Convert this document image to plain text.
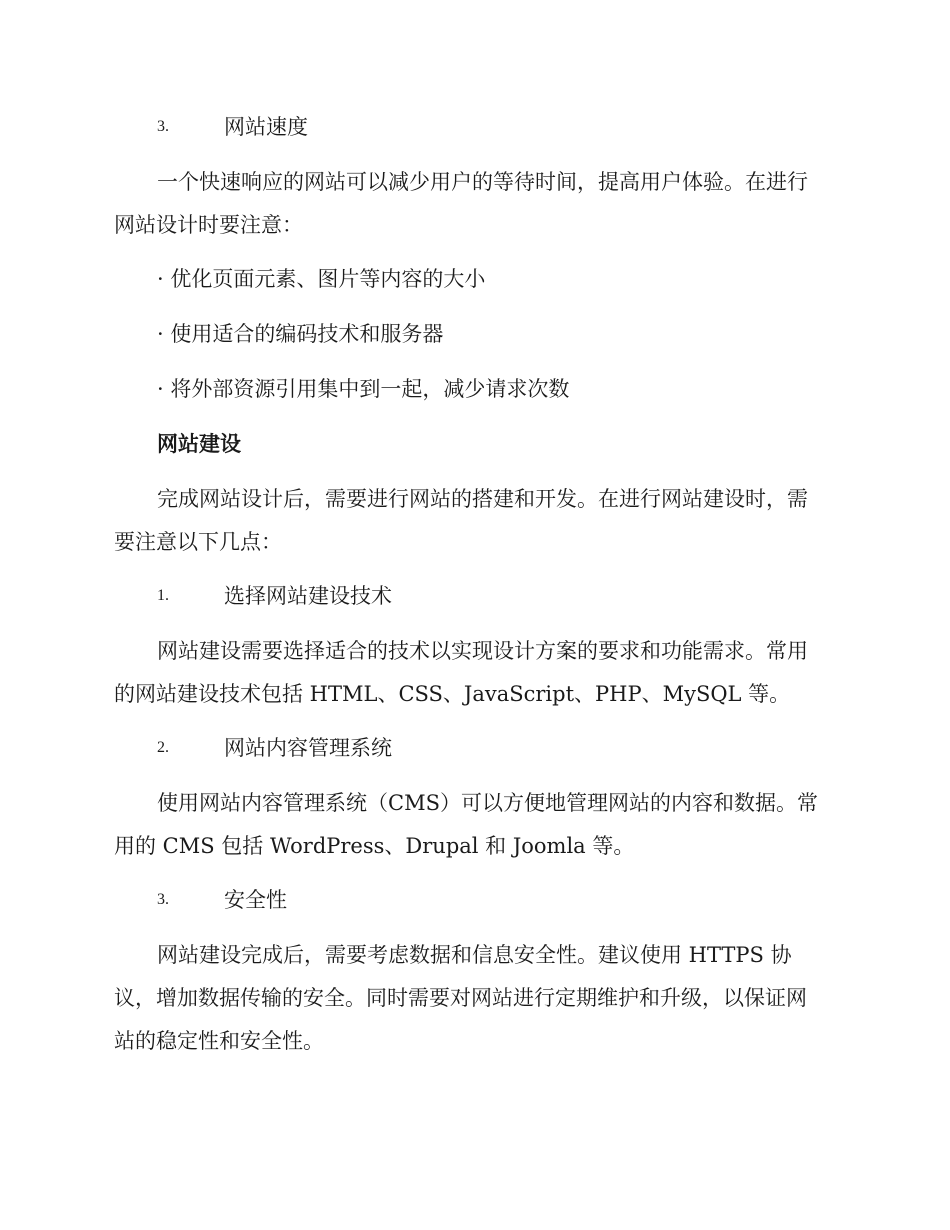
3.	网站速度
一个快速响应的网站可以减少用户的等待时间，提高用户体验。在进行
网站设计时要注意：
· 优化页面元素、图片等内容的大小
· 使用适合的编码技术和服务器
· 将外部资源引用集中到一起，减少请求次数
网站建设
完成网站设计后，需要进行网站的搭建和开发。在进行网站建设时，需
要注意以下几点：
1.	选择网站建设技术
网站建设需要选择适合的技术以实现设计方案的要求和功能需求。常用
的网站建设技术包括 HTML、CSS、JavaScript、PHP、MySQL 等。
2.	网站内容管理系统
使用网站内容管理系统（CMS）可以方便地管理网站的内容和数据。常
用的 CMS 包括 WordPress、Drupal 和 Joomla 等。
3.	安全性
网站建设完成后，需要考虑数据和信息安全性。建议使用 HTTPS 协
议，增加数据传输的安全。同时需要对网站进行定期维护和升级，以保证网
站的稳定性和安全性。
